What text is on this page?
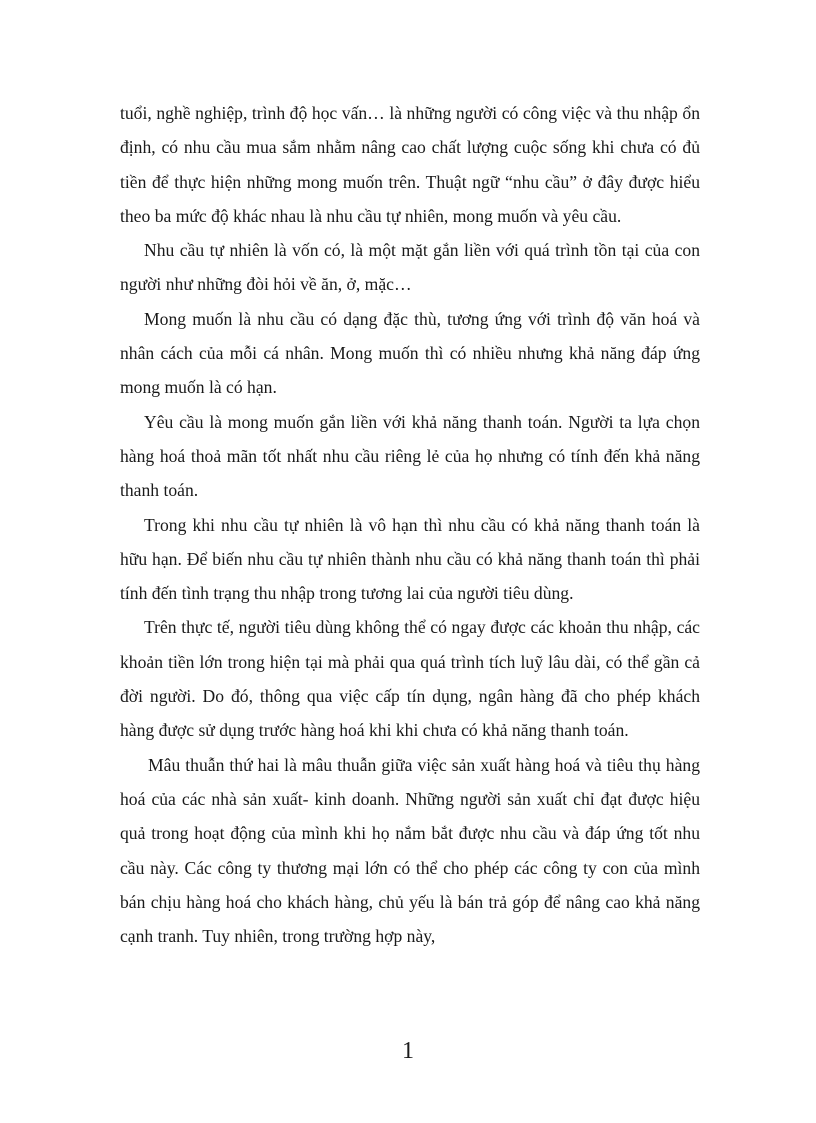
tuổi, nghề nghiệp, trình độ học vấn… là những người có công việc và thu nhập ổn định, có nhu cầu mua sắm nhằm nâng cao chất lượng cuộc sống khi chưa có đủ tiền để thực hiện những mong muốn trên. Thuật ngữ “nhu cầu” ở đây được hiểu theo ba mức độ khác nhau là nhu cầu tự nhiên, mong muốn và yêu cầu.

Nhu cầu tự nhiên là vốn có, là một mặt gắn liền với quá trình tồn tại của con người như những đòi hỏi về ăn, ở, mặc…

Mong muốn là nhu cầu có dạng đặc thù, tương ứng với trình độ văn hoá và nhân cách của mỗi cá nhân. Mong muốn thì có nhiều nhưng khả năng đáp ứng mong muốn là có hạn.

Yêu cầu là mong muốn gắn liền với khả năng thanh toán. Người ta lựa chọn hàng hoá thoả mãn tốt nhất nhu cầu riêng lẻ của họ nhưng có tính đến khả năng thanh toán.

Trong khi nhu cầu tự nhiên là vô hạn thì nhu cầu có khả năng thanh toán là hữu hạn. Để biến nhu cầu tự nhiên thành nhu cầu có khả năng thanh toán thì phải tính đến tình trạng thu nhập trong tương lai của người tiêu dùng.

Trên thực tế, người tiêu dùng không thể có ngay được các khoản thu nhập, các khoản tiền lớn trong hiện tại mà phải qua quá trình tích luỹ lâu dài, có thể gần cả đời người. Do đó, thông qua việc cấp tín dụng, ngân hàng đã cho phép khách hàng được sử dụng trước hàng hoá khi khi chưa có khả năng thanh toán.

Mâu thuẫn thứ hai là mâu thuẫn giữa việc sản xuất hàng hoá và tiêu thụ hàng hoá của các nhà sản xuất- kinh doanh. Những người sản xuất chỉ đạt được hiệu quả trong hoạt động của mình khi họ nắm bắt được nhu cầu và đáp ứng tốt nhu cầu này. Các công ty thương mại lớn có thể cho phép các công ty con của mình bán chịu hàng hoá cho khách hàng, chủ yếu là bán trả góp để nâng cao khả năng cạnh tranh. Tuy nhiên, trong trường hợp này,

1
